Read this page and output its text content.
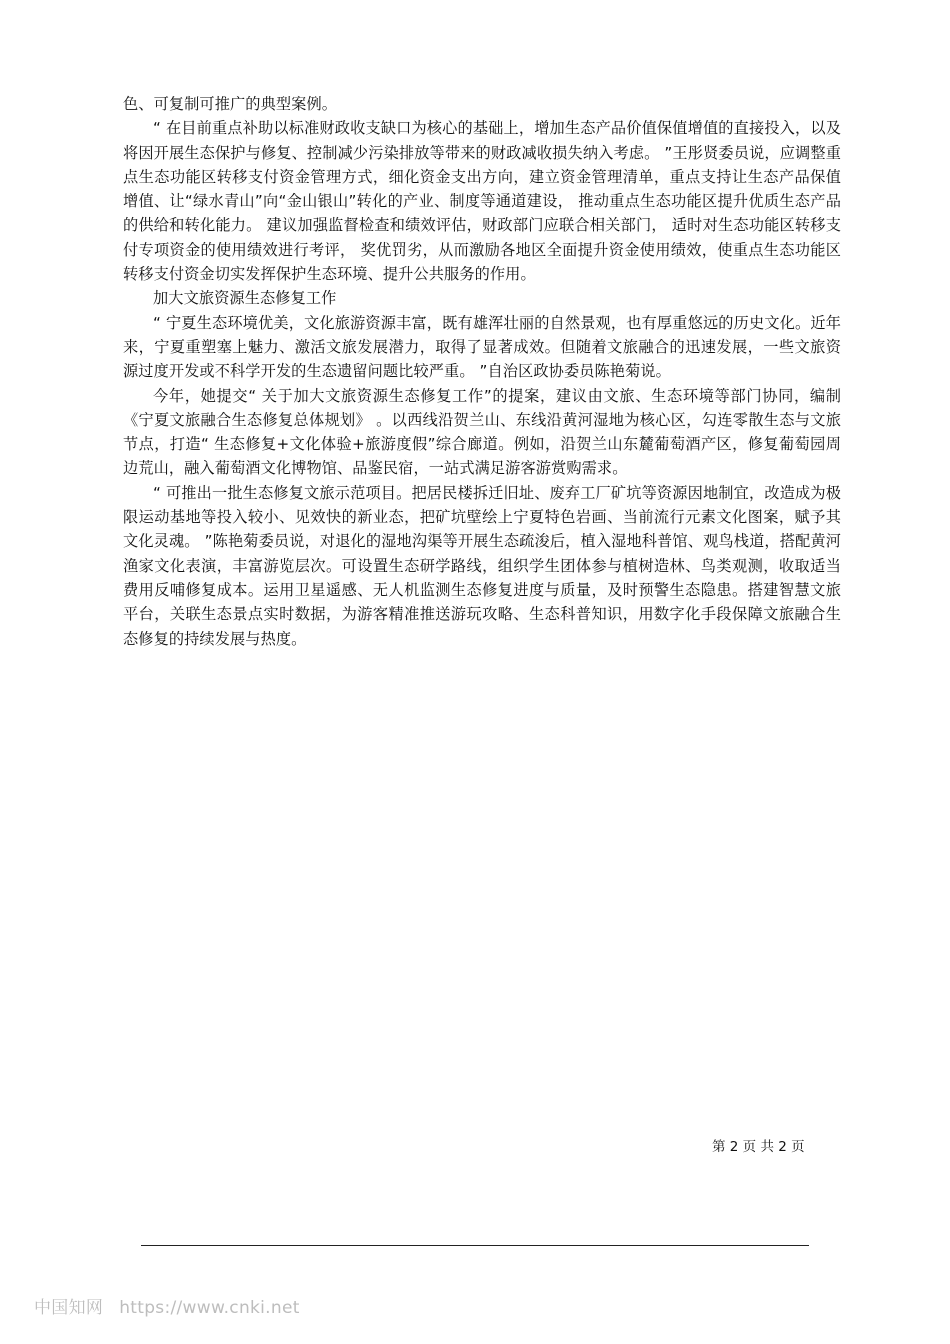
色、可复制可推广的典型案例。

“ 在目前重点补助以标准财政收支缺口为核心的基础上，增加生态产品价值保值增值的直接投入，以及将因开展生态保护与修复、控制减少污染排放等带来的财政减收损失纳入考虑。 ”王彤贤委员说，应调整重点生态功能区转移支付资金管理方式，细化资金支出方向，建立资金管理清单，重点支持让生态产品保值增值、让“绿水青山”向“金山银山”转化的产业、制度等通道建设， 推动重点生态功能区提升优质生态产品的供给和转化能力。 建议加强监督检查和绩效评估，财政部门应联合相关部门， 适时对生态功能区转移支付专项资金的使用绩效进行考评， 奖优罚劣，从而激励各地区全面提升资金使用绩效，使重点生态功能区转移支付资金切实发挥保护生态环境、提升公共服务的作用。

加大文旅资源生态修复工作

“ 宁夏生态环境优美，文化旅游资源丰富，既有雄浑壮丽的自然景观，也有厚重悠远的历史文化。近年来，宁夏重塑塞上魅力、激活文旅发展潜力，取得了显著成效。但随着文旅融合的迅速发展，一些文旅资源过度开发或不科学开发的生态遗留问题比较严重。 ”自治区政协委员陈艳菊说。

今年，她提交“ 关于加大文旅资源生态修复工作”的提案，建议由文旅、生态环境等部门协同，编制《宁夏文旅融合生态修复总体规划》 。以西线沿贺兰山、东线沿黄河湿地为核心区，勾连零散生态与文旅节点，打造“ 生态修复+文化体验+旅游度假”综合廊道。例如，沿贺兰山东麓葡萄酒产区，修复葡萄园周边荒山，融入葡萄酒文化博物馆、品鉴民宿，一站式满足游客游赏购需求。

“ 可推出一批生态修复文旅示范项目。把居民楼拆迁旧址、废弃工厂矿坑等资源因地制宜，改造成为极限运动基地等投入较小、见效快的新业态，把矿坑壁绘上宁夏特色岩画、当前流行元素文化图案，赋予其文化灵魂。 ”陈艳菊委员说，对退化的湿地沟渠等开展生态疏浚后，植入湿地科普馆、观鸟栈道，搭配黄河渔家文化表演，丰富游览层次。可设置生态研学路线，组织学生团体参与植树造林、鸟类观测，收取适当费用反哺修复成本。运用卫星遥感、无人机监测生态修复进度与质量，及时预警生态隐患。搭建智慧文旅平台，关联生态景点实时数据，为游客精准推送游玩攻略、生态科普知识，用数字化手段保障文旅融合生态修复的持续发展与热度。

第 2 页 共 2 页
中国知网 https://www.cnki.net
